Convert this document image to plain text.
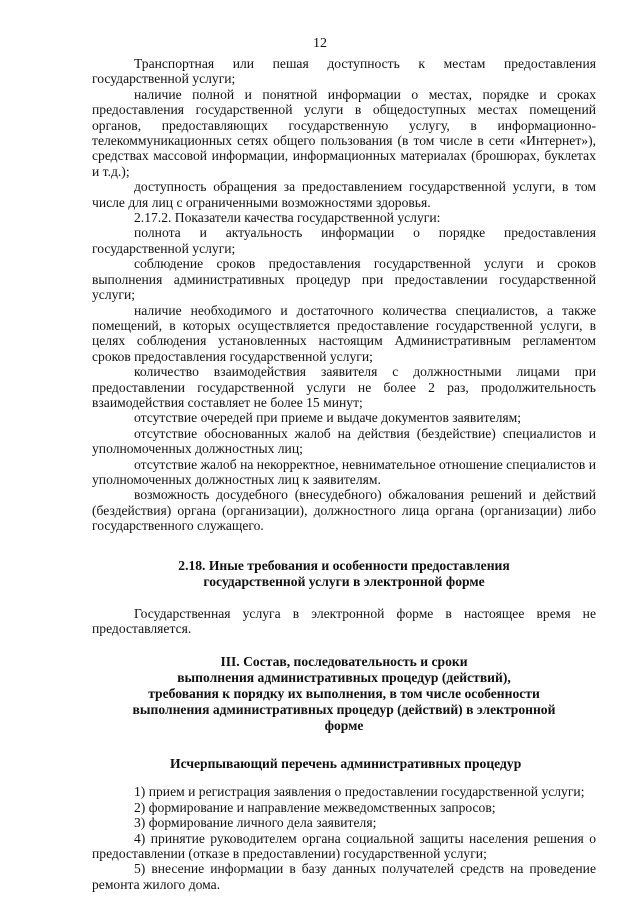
12

Транспортная или пешая доступность к местам предоставления государственной услуги;

наличие полной и понятной информации о местах, порядке и сроках предоставления государственной услуги в общедоступных местах помещений органов, предоставляющих государственную услугу, в информационно-телекоммуникационных сетях общего пользования (в том числе в сети «Интернет»), средствах массовой информации, информационных материалах (брошюрах, буклетах и т.д.);

доступность обращения за предоставлением государственной услуги, в том числе для лиц с ограниченными возможностями здоровья.

2.17.2. Показатели качества государственной услуги:

полнота и актуальность информации о порядке предоставления государственной услуги;

соблюдение сроков предоставления государственной услуги и сроков выполнения административных процедур при предоставлении государственной услуги;

наличие необходимого и достаточного количества специалистов, а также помещений, в которых осуществляется предоставление государственной услуги, в целях соблюдения установленных настоящим Административным регламентом сроков предоставления государственной услуги;

количество взаимодействия заявителя с должностными лицами при предоставлении государственной услуги не более 2 раз, продолжительность взаимодействия составляет не более 15 минут;

отсутствие очередей при приеме и выдаче документов заявителям;

отсутствие обоснованных жалоб на действия (бездействие) специалистов и уполномоченных должностных лиц;

отсутствие жалоб на некорректное, невнимательное отношение специалистов и уполномоченных должностных лиц к заявителям.

возможность досудебного (внесудебного) обжалования решений и действий (бездействия) органа (организации), должностного лица органа (организации) либо государственного служащего.

2.18. Иные требования и особенности предоставления

государственной услуги в электронной форме

Государственная услуга в электронной форме в настоящее время не предоставляется.

III. Состав, последовательность и сроки

выполнения административных процедур (действий),

требования к порядку их выполнения, в том числе особенности

выполнения административных процедур (действий) в электронной

форме

Исчерпывающий перечень административных процедур

1) прием и регистрация заявления о предоставлении государственной услуги;

2) формирование и направление межведомственных запросов;

3) формирование личного дела заявителя;

4) принятие руководителем органа социальной защиты населения решения о предоставлении (отказе в предоставлении) государственной услуги;

5) внесение информации в базу данных получателей средств на проведение ремонта жилого дома.
